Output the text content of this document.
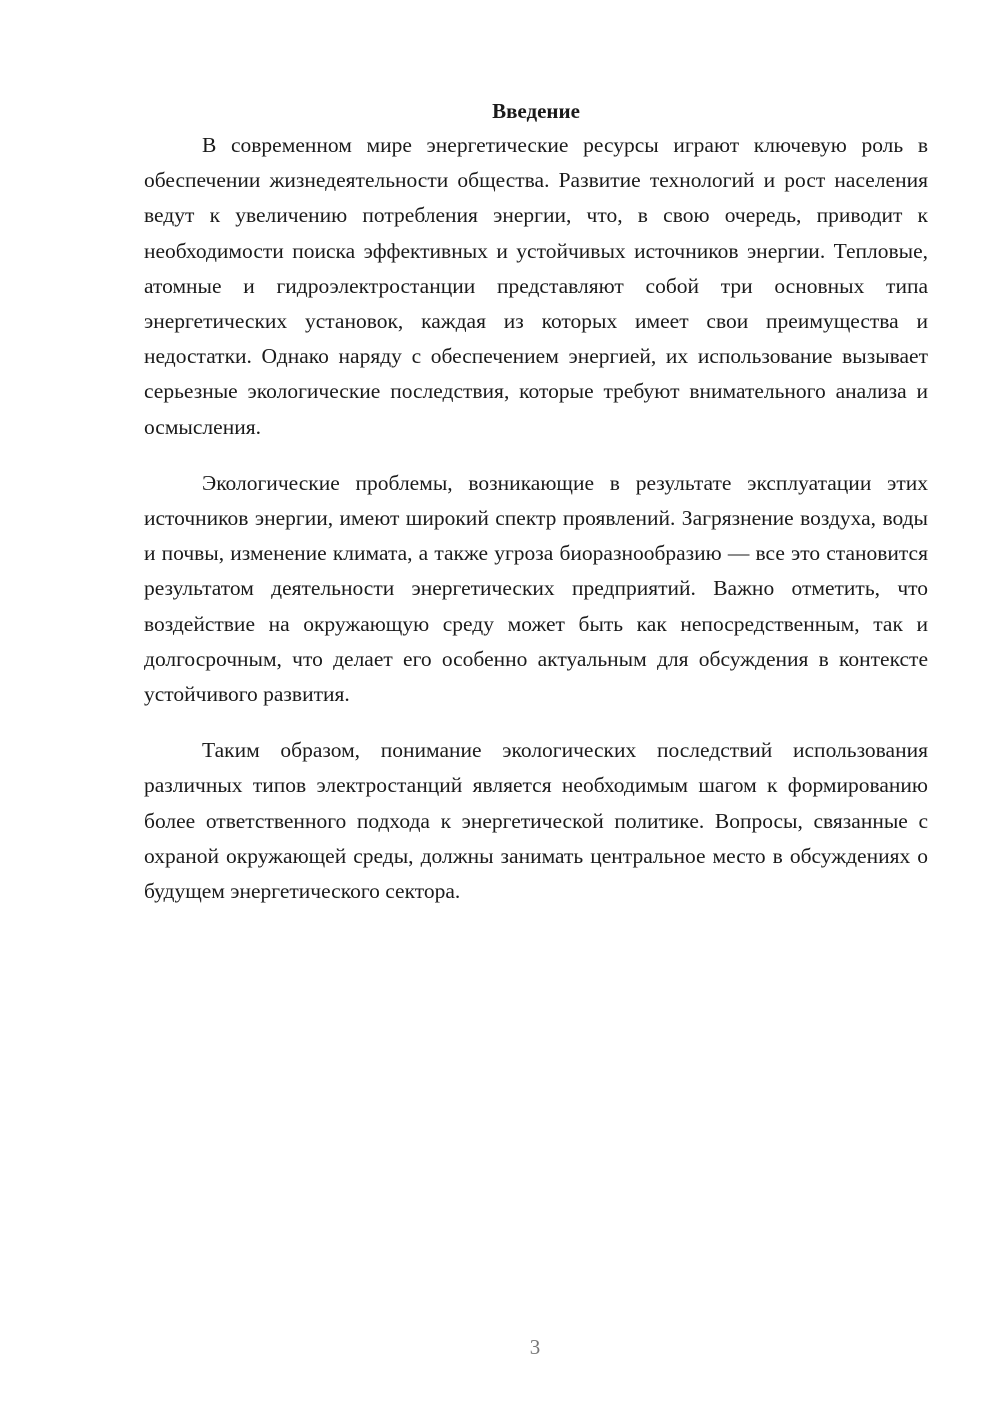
Введение

В современном мире энергетические ресурсы играют ключевую роль в обеспечении жизнедеятельности общества. Развитие технологий и рост населения ведут к увеличению потребления энергии, что, в свою очередь, приводит к необходимости поиска эффективных и устойчивых источников энергии. Тепловые, атомные и гидроэлектростанции представляют собой три основных типа энергетических установок, каждая из которых имеет свои преимущества и недостатки. Однако наряду с обеспечением энергией, их использование вызывает серьезные экологические последствия, которые требуют внимательного анализа и осмысления.

Экологические проблемы, возникающие в результате эксплуатации этих источников энергии, имеют широкий спектр проявлений. Загрязнение воздуха, воды и почвы, изменение климата, а также угроза биоразнообразию — все это становится результатом деятельности энергетических предприятий. Важно отметить, что воздействие на окружающую среду может быть как непосредственным, так и долгосрочным, что делает его особенно актуальным для обсуждения в контексте устойчивого развития.

Таким образом, понимание экологических последствий использования различных типов электростанций является необходимым шагом к формированию более ответственного подхода к энергетической политике. Вопросы, связанные с охраной окружающей среды, должны занимать центральное место в обсуждениях о будущем энергетического сектора.

3
